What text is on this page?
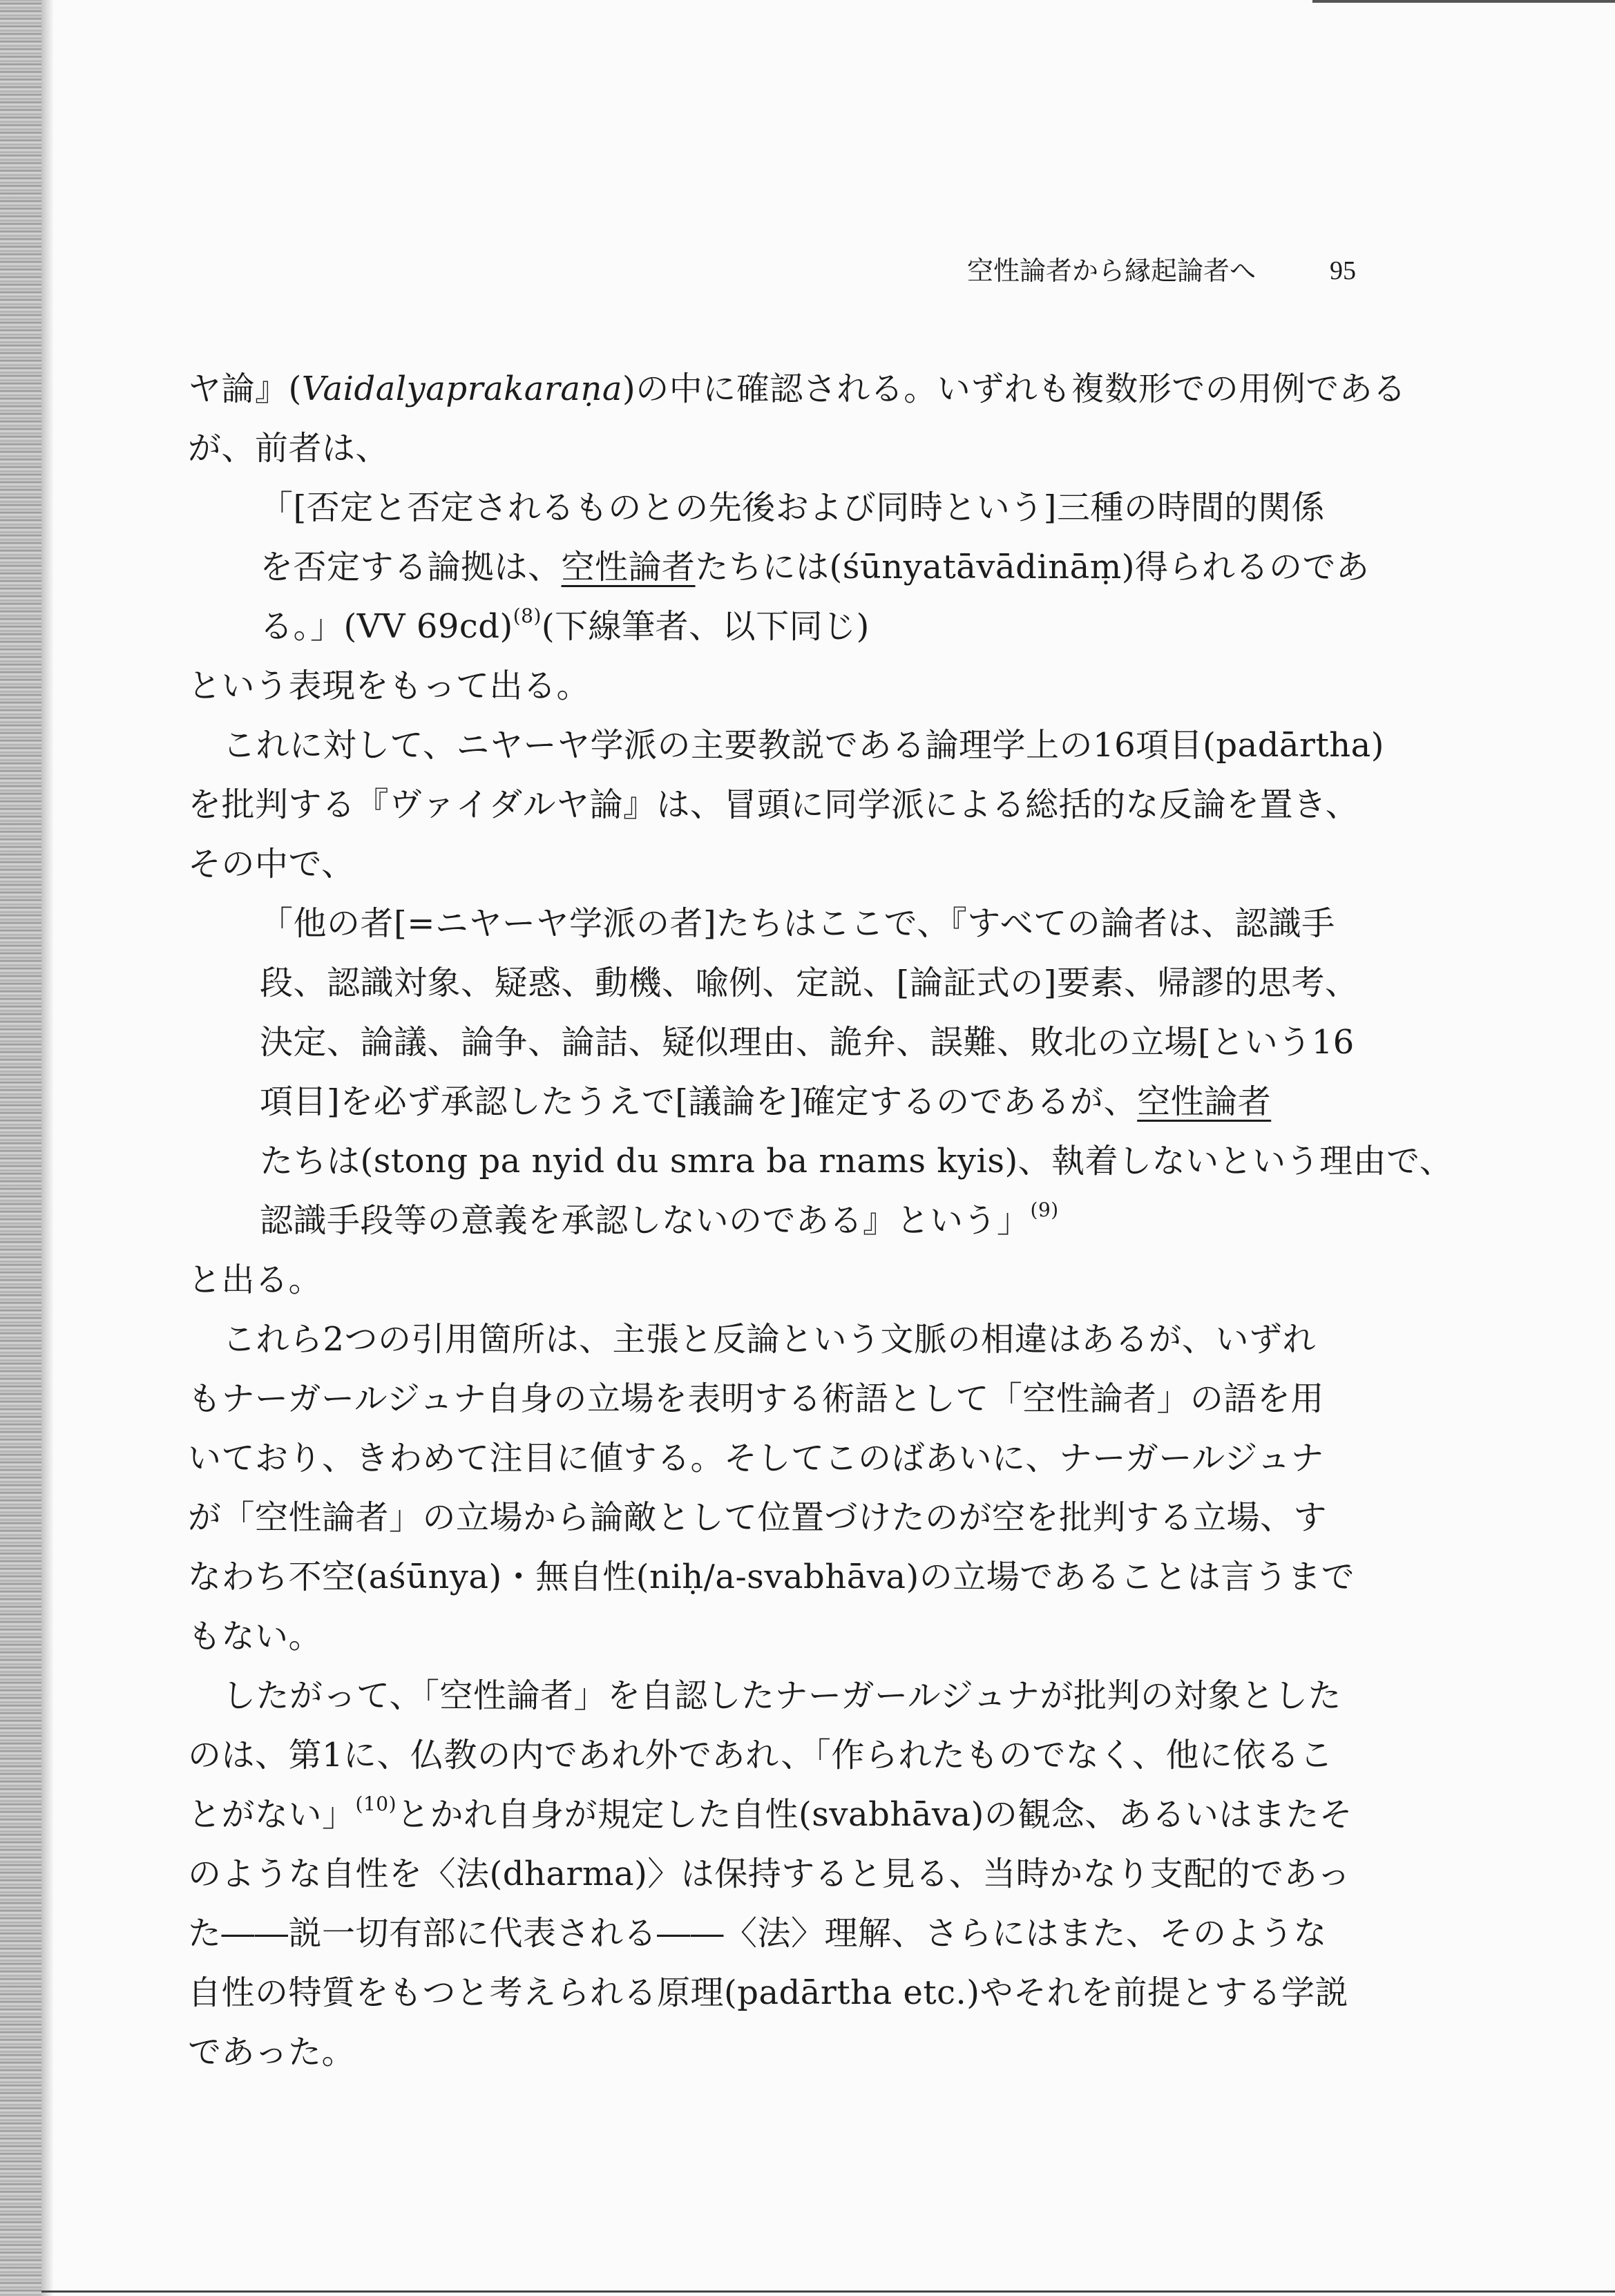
空性論者から縁起論者へ	95
ヤ論』(Vaidalyaprakaraṇa)の中に確認される。いずれも複数形での用例である
が、前者は、
「[否定と否定されるものとの先後および同時という]三種の時間的関係
を否定する論拠は、空性論者たちには(śūnyatāvādināṃ)得られるのであ
る。」(VV 69cd)$^{(8)}$(下線筆者、以下同じ)
という表現をもって出る。
これに対して、ニヤーヤ学派の主要教説である論理学上の16項目(padārtha)
を批判する『ヴァイダルヤ論』は、冒頭に同学派による総括的な反論を置き、
その中で、
「他の者[=ニヤーヤ学派の者]たちはここで、『すべての論者は、認識手
段、認識対象、疑惑、動機、喩例、定説、[論証式の]要素、帰謬的思考、
決定、論議、論争、論詰、疑似理由、詭弁、誤難、敗北の立場[という16
項目]を必ず承認したうえで[議論を]確定するのであるが、空性論者
たちは(stong pa nyid du smra ba rnams kyis)、執着しないという理由で、
認識手段等の意義を承認しないのである』という」$^{(9)}$
と出る。
これら2つの引用箇所は、主張と反論という文脈の相違はあるが、いずれ
もナーガールジュナ自身の立場を表明する術語として「空性論者」の語を用
いており、きわめて注目に値する。そしてこのばあいに、ナーガールジュナ
が「空性論者」の立場から論敵として位置づけたのが空を批判する立場、す
なわち不空(aśūnya)・無自性(niḥ/a-svabhāva)の立場であることは言うまで
もない。
したがって、「空性論者」を自認したナーガールジュナが批判の対象とした
のは、第1に、仏教の内であれ外であれ、「作られたものでなく、他に依るこ
とがない」$^{(10)}$とかれ自身が規定した自性(svabhāva)の観念、あるいはまたそ
のような自性を〈法(dharma)〉は保持すると見る、当時かなり支配的であっ
た――説一切有部に代表される――〈法〉理解、さらにはまた、そのような
自性の特質をもつと考えられる原理(padārtha etc.)やそれを前提とする学説
であった。
